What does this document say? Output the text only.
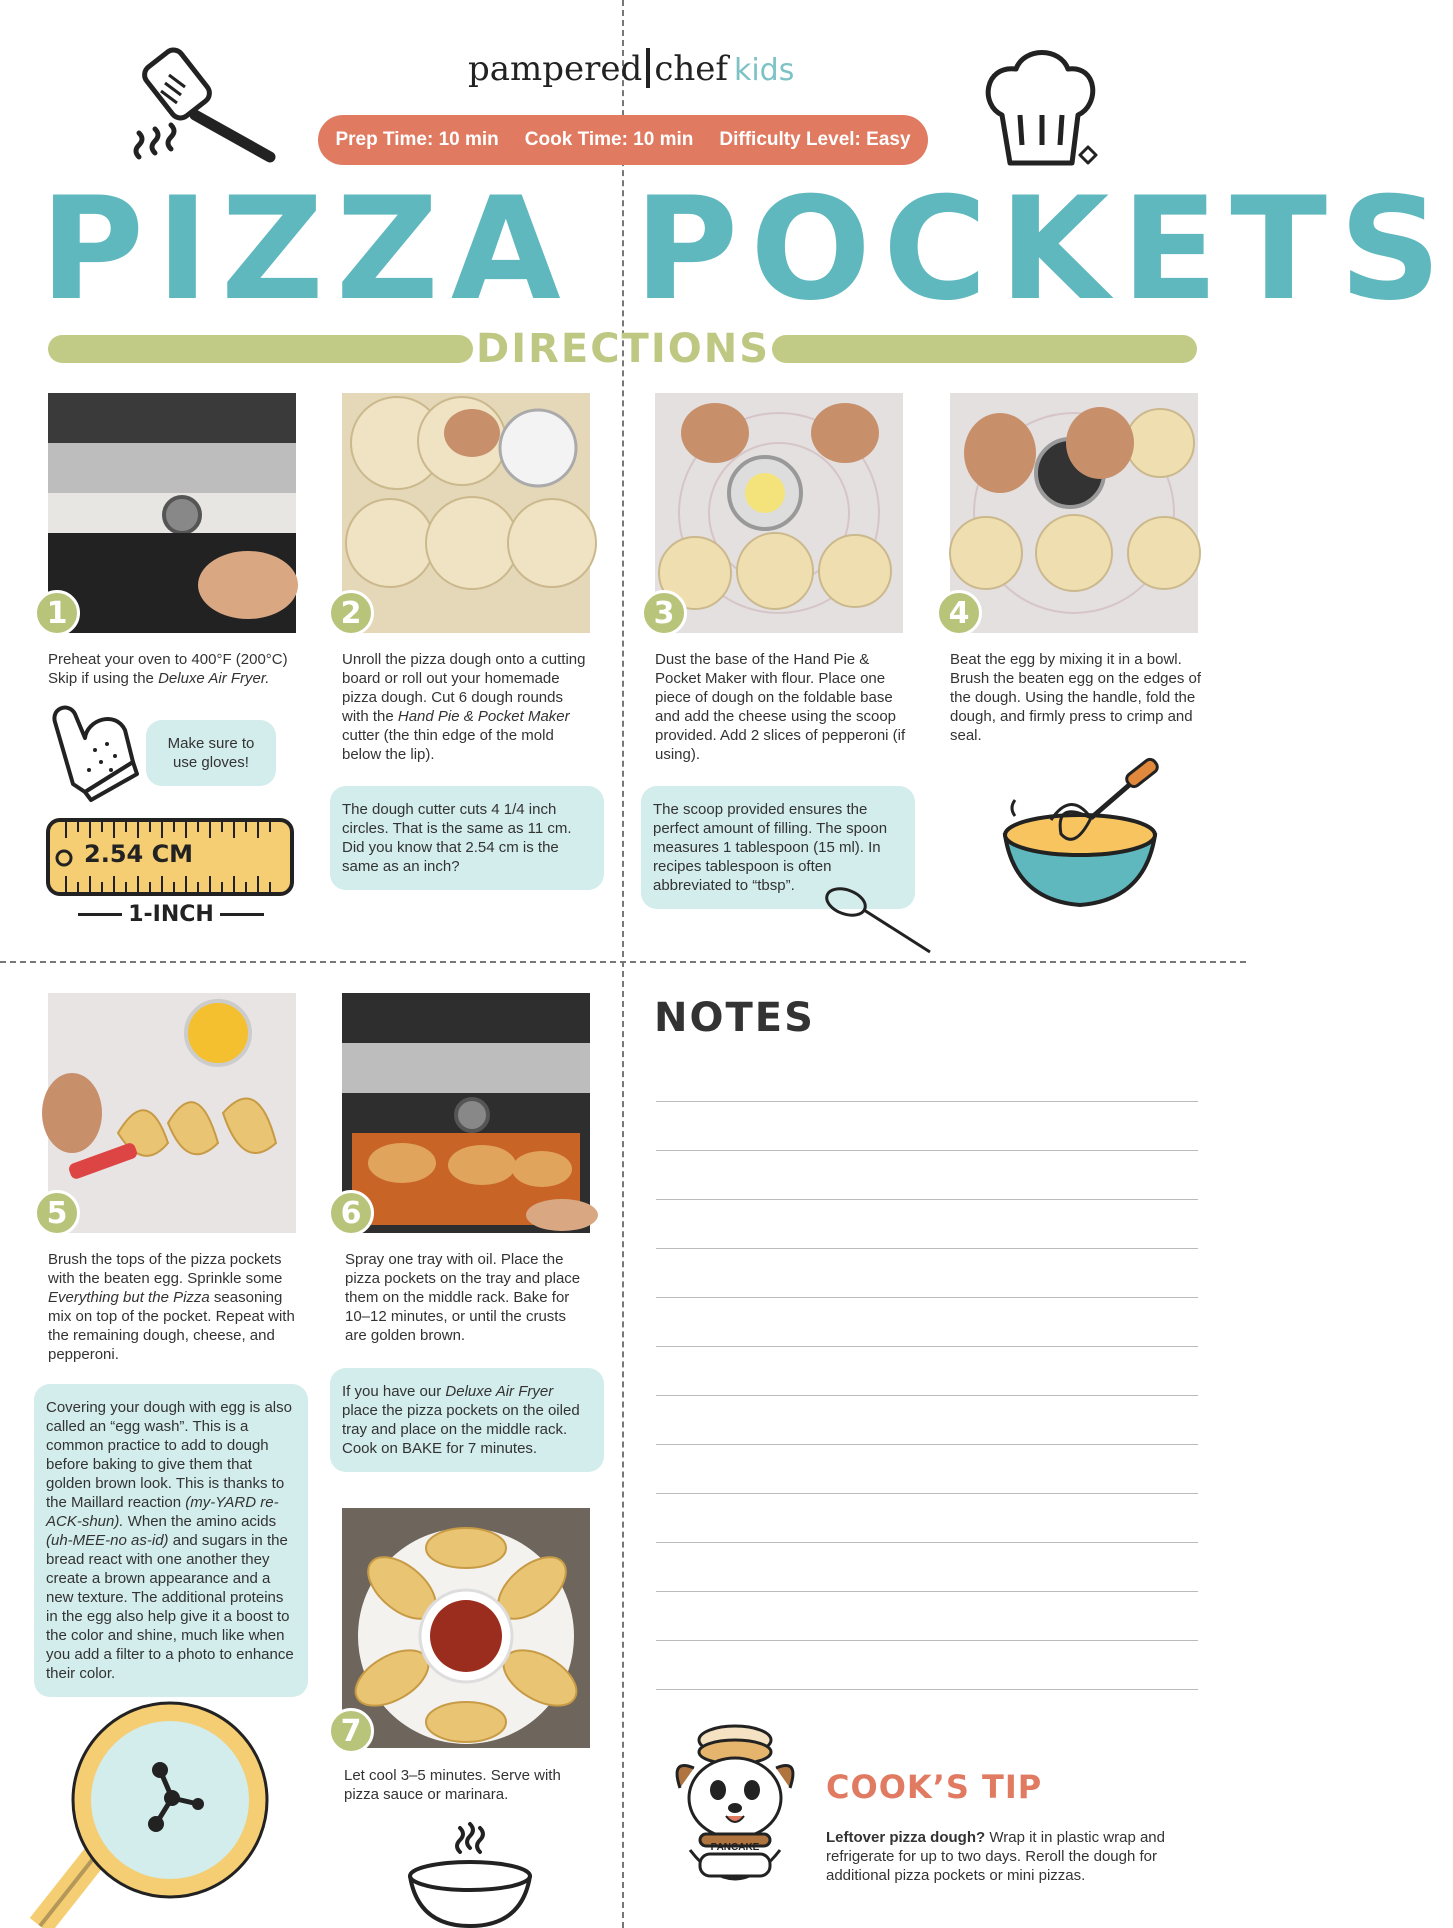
pampered chef kids
Prep Time: 10 min Cook Time: 10 min Difficulty Level: Easy
PIZZA POCKETS
DIRECTIONS
1	2	3	4
Preheat your oven to 400°F (200°C) Skip if using the Deluxe Air Fryer.
Unroll the pizza dough onto a cutting board or roll out your homemade pizza dough. Cut 6 dough rounds with the Hand Pie & Pocket Maker cutter (the thin edge of the mold below the lip).
Dust the base of the Hand Pie & Pocket Maker with flour. Place one piece of dough on the foldable base and add the cheese using the scoop provided. Add 2 slices of pepperoni (if using).
Beat the egg by mixing it in a bowl. Brush the beaten egg on the edges of the dough. Using the handle, fold the dough, and firmly press to crimp and seal.
Make sure to use gloves!
2.54 CM
1-INCH
The dough cutter cuts 4 1/4 inch circles. That is the same as 11 cm. Did you know that 2.54 cm is the same as an inch?
The scoop provided ensures the perfect amount of filling. The spoon measures 1 tablespoon (15 ml). In recipes tablespoon is often abbreviated to “tbsp”.
5	6
Brush the tops of the pizza pockets with the beaten egg. Sprinkle some Everything but the Pizza seasoning mix on top of the pocket. Repeat with the remaining dough, cheese, and pepperoni.
Spray one tray with oil. Place the pizza pockets on the tray and place them on the middle rack. Bake for 10–12 minutes, or until the crusts are golden brown.
Covering your dough with egg is also called an “egg wash”. This is a common practice to add to dough before baking to give them that golden brown look. This is thanks to the Maillard reaction (my-YARD re-ACK-shun). When the amino acids (uh-MEE-no as-id) and sugars in the bread react with one another they create a brown appearance and a new texture. The additional proteins in the egg also help give it a boost to the color and shine, much like when you add a filter to a photo to enhance their color.
If you have our Deluxe Air Fryer place the pizza pockets on the oiled tray and place on the middle rack. Cook on BAKE for 7 minutes.
7
Let cool 3–5 minutes. Serve with pizza sauce or marinara.
NOTES
PANCAKE
COOK’S TIP
Leftover pizza dough? Wrap it in plastic wrap and refrigerate for up to two days. Reroll the dough for additional pizza pockets or mini pizzas.
